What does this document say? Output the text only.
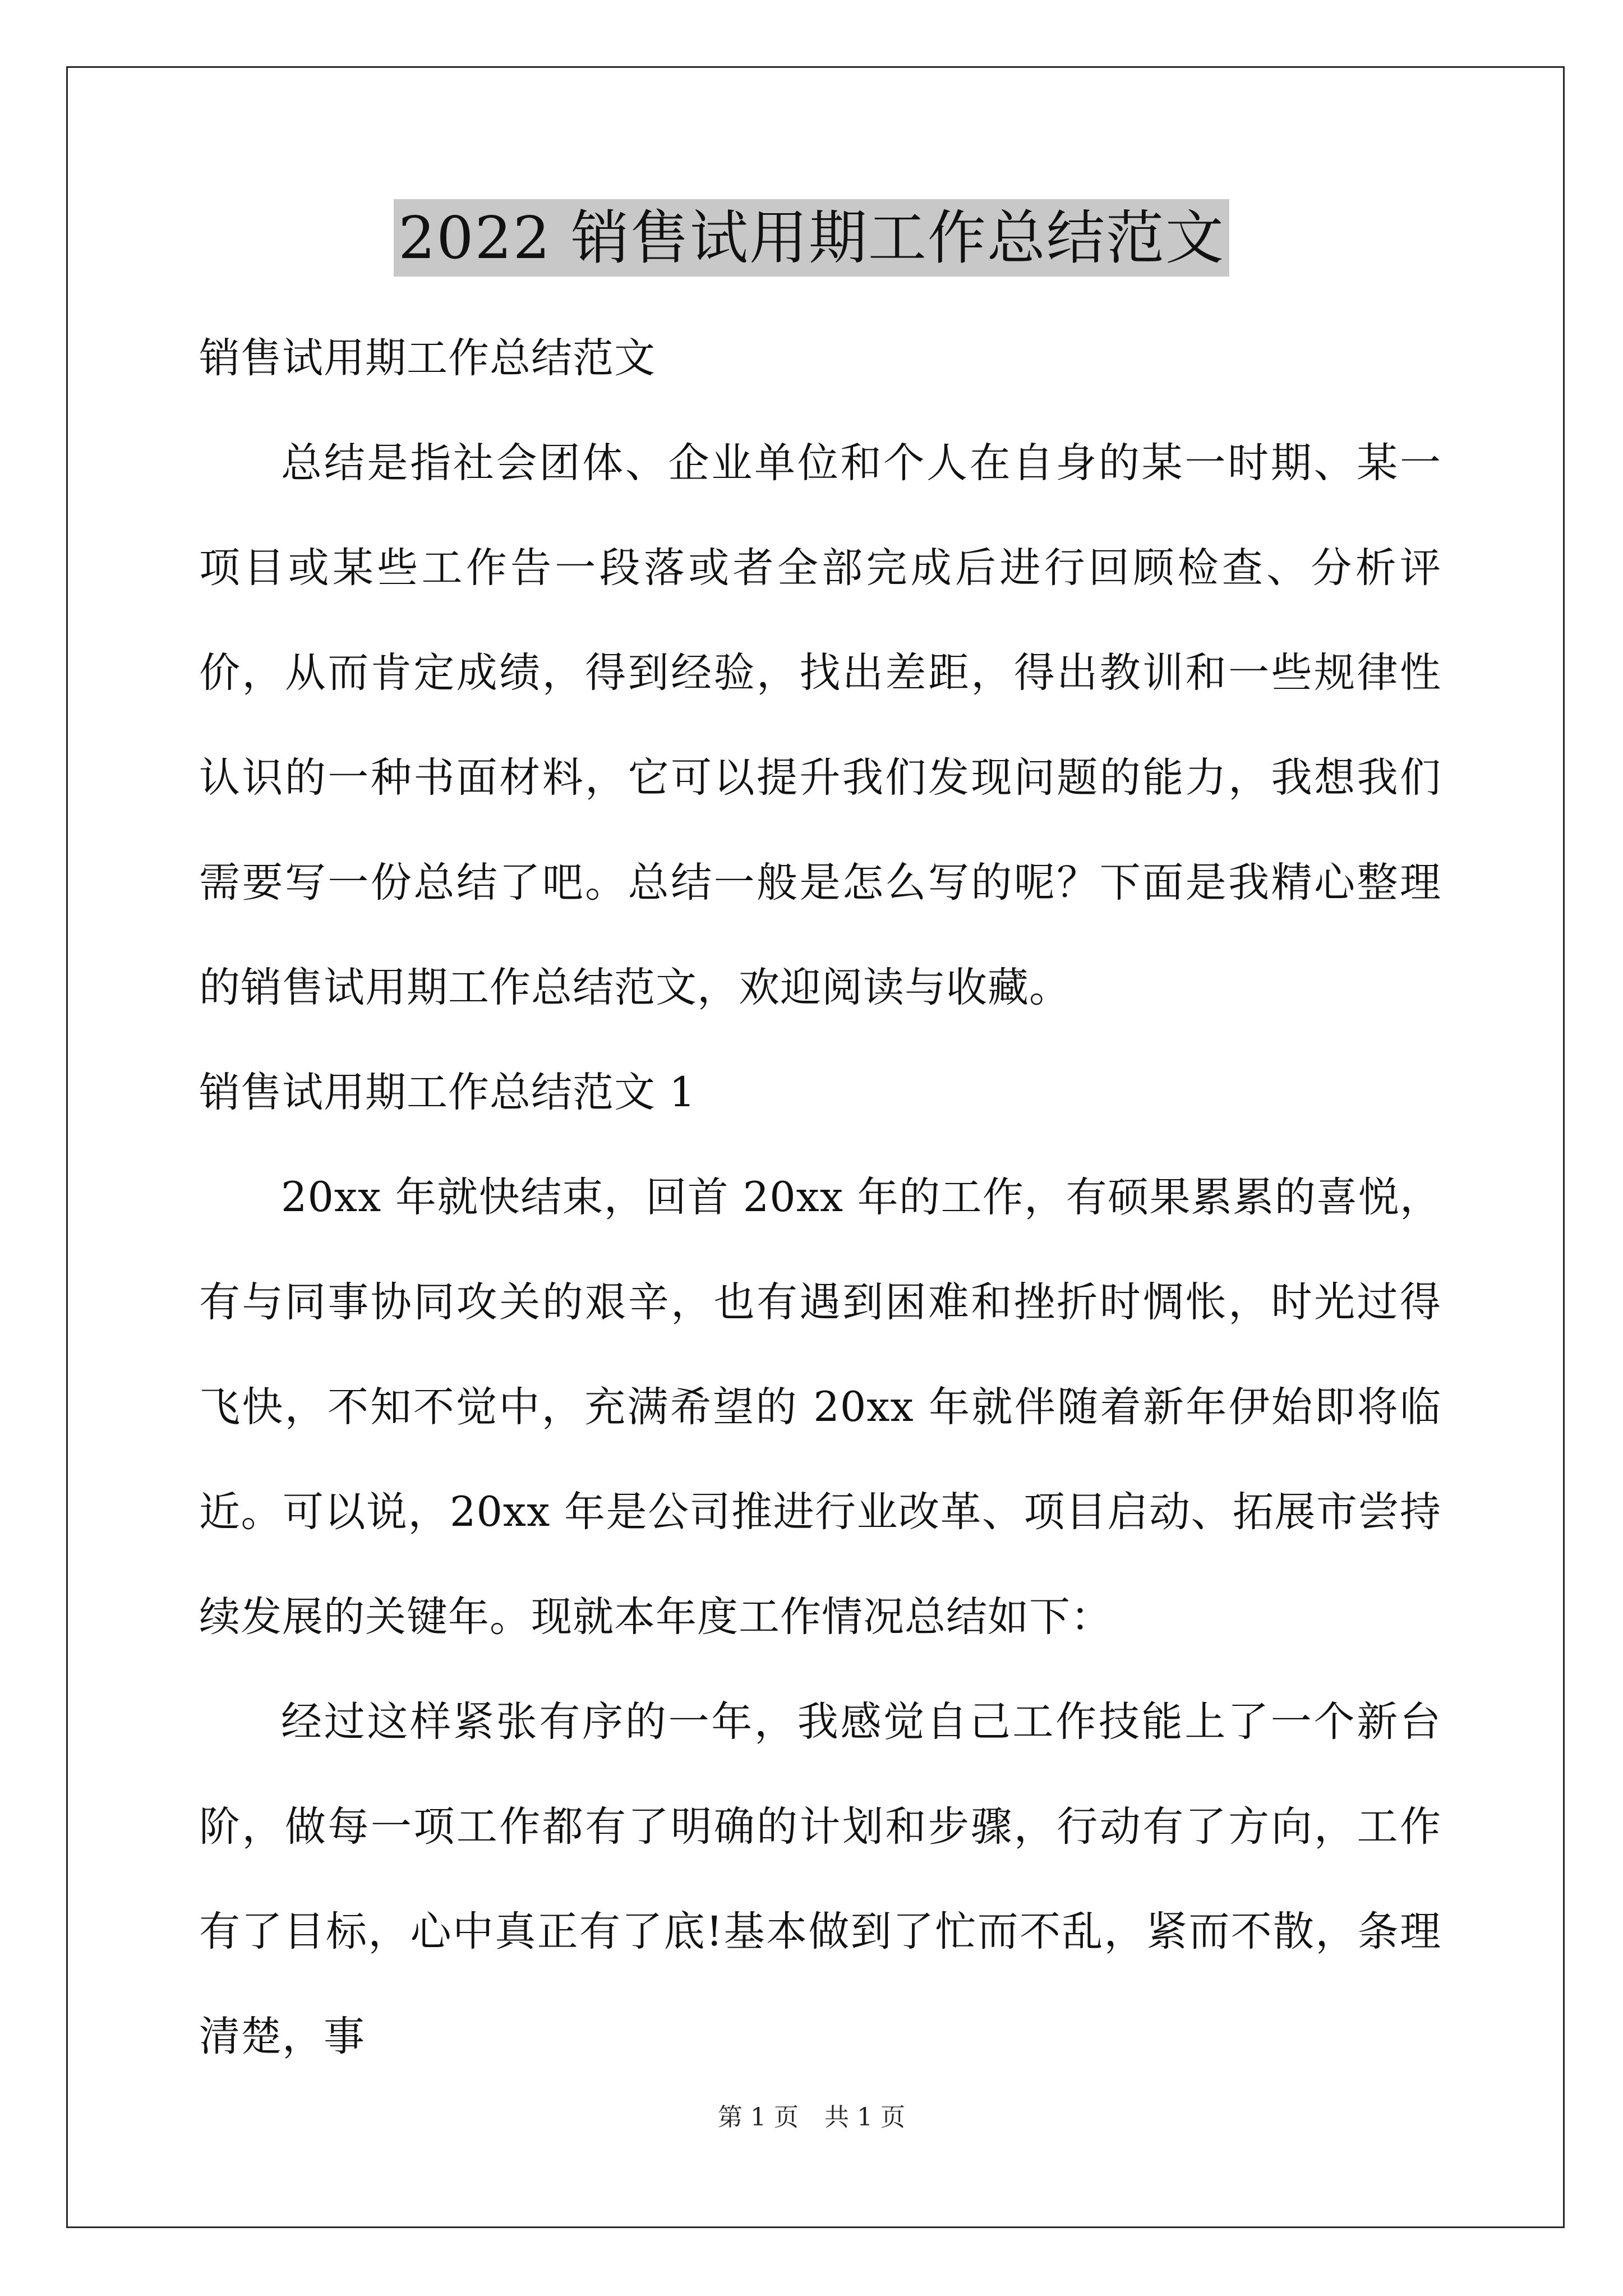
2022 销售试用期工作总结范文

销售试用期工作总结范文

总结是指社会团体、企业单位和个人在自身的某一时期、某一项目或某些工作告一段落或者全部完成后进行回顾检查、分析评价，从而肯定成绩，得到经验，找出差距，得出教训和一些规律性认识的一种书面材料，它可以提升我们发现问题的能力，我想我们需要写一份总结了吧。总结一般是怎么写的呢？下面是我精心整理的销售试用期工作总结范文，欢迎阅读与收藏。

销售试用期工作总结范文 1

20xx 年就快结束，回首 20xx 年的工作，有硕果累累的喜悦，有与同事协同攻关的艰辛，也有遇到困难和挫折时惆怅，时光过得飞快，不知不觉中，充满希望的 20xx 年就伴随着新年伊始即将临近。可以说，20xx 年是公司推进行业改革、项目启动、拓展市尝持续发展的关键年。现就本年度工作情况总结如下：

经过这样紧张有序的一年，我感觉自己工作技能上了一个新台阶，做每一项工作都有了明确的计划和步骤，行动有了方向，工作有了目标，心中真正有了底!基本做到了忙而不乱，紧而不散，条理清楚，事

第 1 页 共 1 页
